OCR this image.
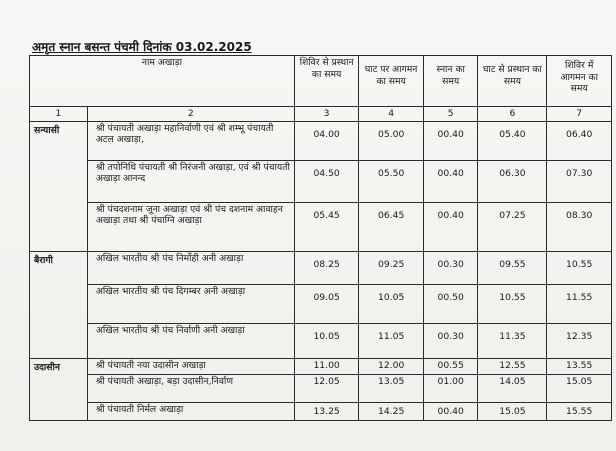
अमृत स्नान बसन्त पंचमी दिनांक 03.02.2025
नाम अखाड़ा		शिविर से प्रस्थान का समय	घाट पर आगमन का समय	स्नान का समय	घाट से प्रस्थान का समय	शिविर में आगमन का समय
1	2	3	4	5	6	7
सन्यासी	श्री पंचायती अखाड़ा महानिर्वाणी एवं श्री शम्भू पंचायती अटल अखाड़ा,	04.00	05.00	00.40	05.40	06.40
	श्री तपोनिधि पंचायती श्री निरंजनी अखाड़ा, एवं श्री पंचायती अखाड़ा आनन्द	04.50	05.50	00.40	06.30	07.30
	श्री पंचदशनाम जूना अखाड़ा एवं श्री पंच दशनाम आवाहन अखाड़ा तथा श्री पंचाग्नि अखाड़ा	05.45	06.45	00.40	07.25	08.30
बैरागी	अखिल भारतीय श्री पंच निर्मोही अनी अखाड़ा	08.25	09.25	00.30	09.55	10.55
	अखिल भारतीय श्री पंच दिगम्बर अनी अखाड़ा	09.05	10.05	00.50	10.55	11.55
	अखिल भारतीय श्री पंच निर्वाणी अनी अखाड़ा	10.05	11.05	00.30	11.35	12.35
उदासीन	श्री पंचायती नया उदासीन अखाड़ा	11.00	12.00	00.55	12.55	13.55
	श्री पंचायती अखाड़ा, बड़ा उदासीन,निर्वाण	12.05	13.05	01.00	14.05	15.05
	श्री पंचायती निर्मल अखाड़ा	13.25	14.25	00.40	15.05	15.55
